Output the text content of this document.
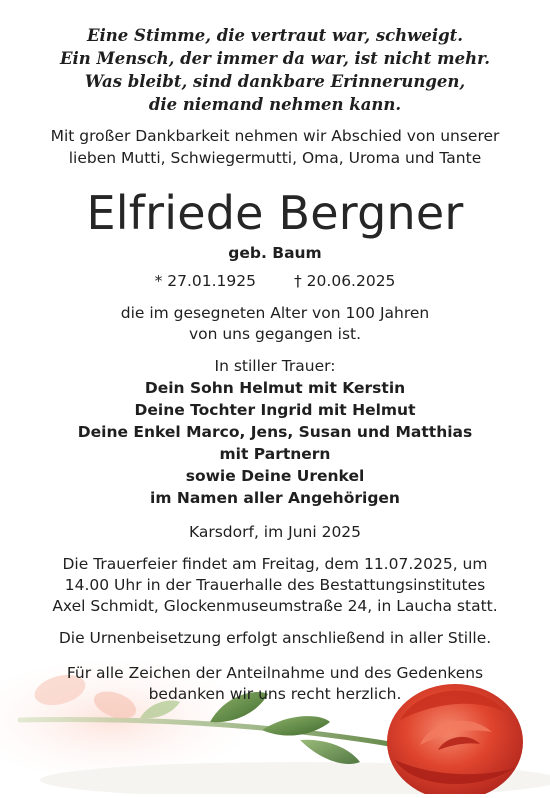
Eine Stimme, die vertraut war, schweigt.
Ein Mensch, der immer da war, ist nicht mehr.
Was bleibt, sind dankbare Erinnerungen,
die niemand nehmen kann.
Mit großer Dankbarkeit nehmen wir Abschied von unserer
lieben Mutti, Schwiegermutti, Oma, Uroma und Tante
Elfriede Bergner
geb. Baum
* 27.01.1925 † 20.06.2025
die im gesegneten Alter von 100 Jahren
von uns gegangen ist.
In stiller Trauer:
Dein Sohn Helmut mit Kerstin
Deine Tochter Ingrid mit Helmut
Deine Enkel Marco, Jens, Susan und Matthias
mit Partnern
sowie Deine Urenkel
im Namen aller Angehörigen
Karsdorf, im Juni 2025
Die Trauerfeier findet am Freitag, dem 11.07.2025, um
14.00 Uhr in der Trauerhalle des Bestattungsinstitutes
Axel Schmidt, Glockenmuseumstraße 24, in Laucha statt.
Die Urnenbeisetzung erfolgt anschließend in aller Stille.
Für alle Zeichen der Anteilnahme und des Gedenkens
bedanken wir uns recht herzlich.
